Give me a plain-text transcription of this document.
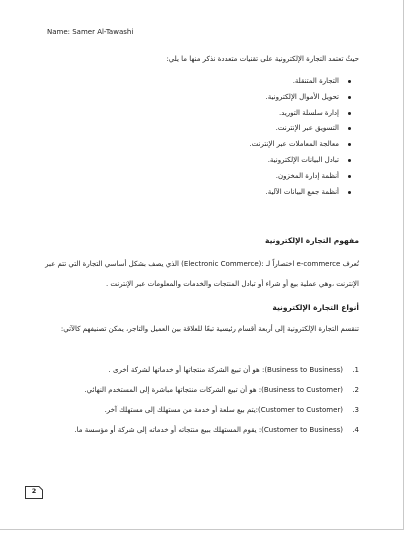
Name: Samer Al-Tawashi
حيثُ تعتمد التجارة الإلكترونية على تقنيات متعددة نذكر منها ما يلي:
التجارة المتنقلة.
تحويل الأموال الإلكترونية.
إدارة سلسلة التوريد.
التسويق عبر الإنترنت.
معالجة المعاملات عبر الإنترنت.
تبادل البيانات الإلكترونية.
أنظمة إدارة المخزون.
أنظمة جمع البيانات الآلية.
مفهوم التجارة الإلكترونية
تُعرف e-commerce اختصاراً لـ :(Electronic Commerce) الذي يصف بشكل أساسي التجارة التي تتم عبر الإنترنت ،وهي عملية بيع أو شراء أو تبادل المنتجات والخدمات والمعلومات عبر الإنترنت .
أنواع التجارة الإلكترونية
تنقسم التجارة الإلكترونية إلى أربعة أقسام رئيسية تبعًا للعلاقة بين العميل والتاجر، يمكن تصنيفهم كالآتي:
1.
(Business to Business): هو أن تبيع الشركة منتجاتها أو خدماتها لشركة أخرى .
2.
(Business to Customer): هو أن تبيع الشركات منتجاتها مباشرة إلى المستخدم النهائي.
3.
(Customer to Customer):يتم بيع سلعة أو خدمة من مستهلك إلى مستهلك آخر.
4.
(Customer to Business): يقوم المستهلك ببيع منتجاته أو خدماته إلى شركة أو مؤسسة ما.
2
